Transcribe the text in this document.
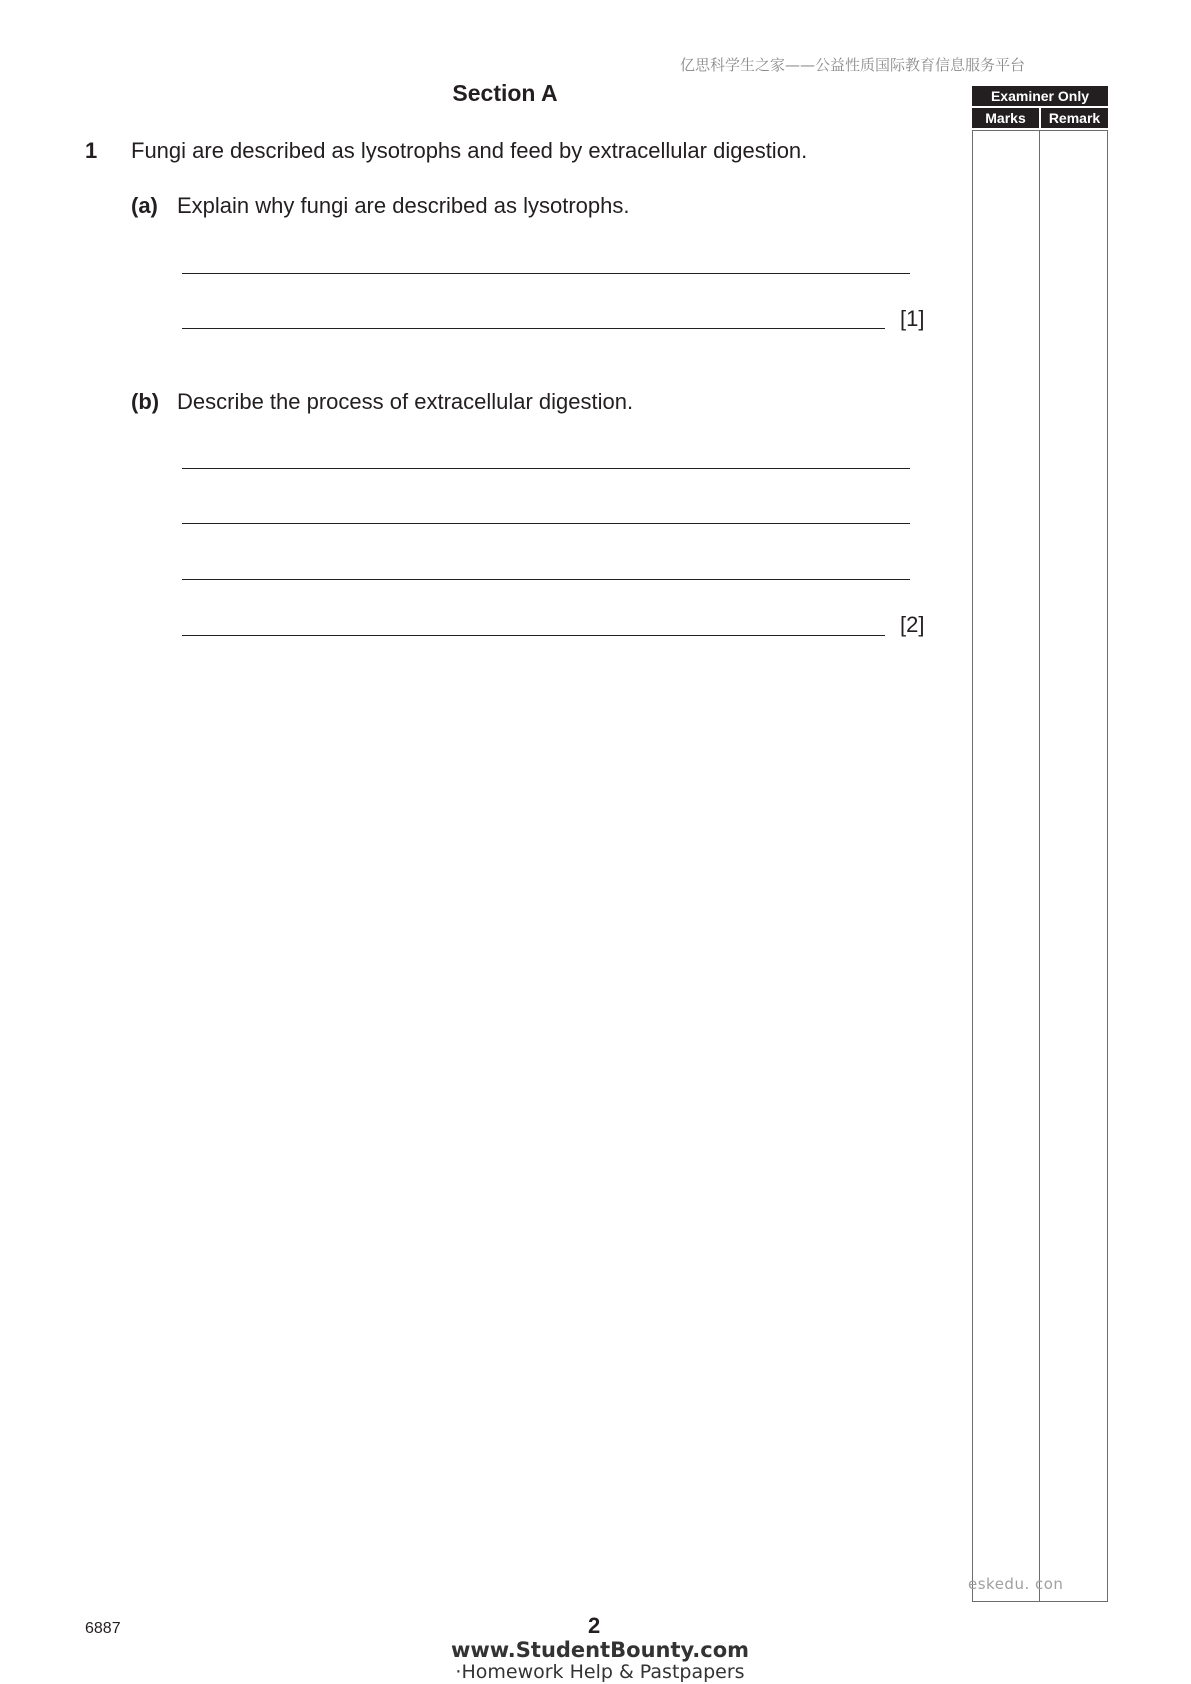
亿思科学生之家——公益性质国际教育信息服务平台
Section A
1 Fungi are described as lysotrophs and feed by extracellular digestion.
(a) Explain why fungi are described as lysotrophs.
[1]
(b) Describe the process of extracellular digestion.
[2]
Examiner Only
Marks	Remark
eskedu. con
6887	2
www.StudentBounty.com
·Homework Help & Pastpapers
